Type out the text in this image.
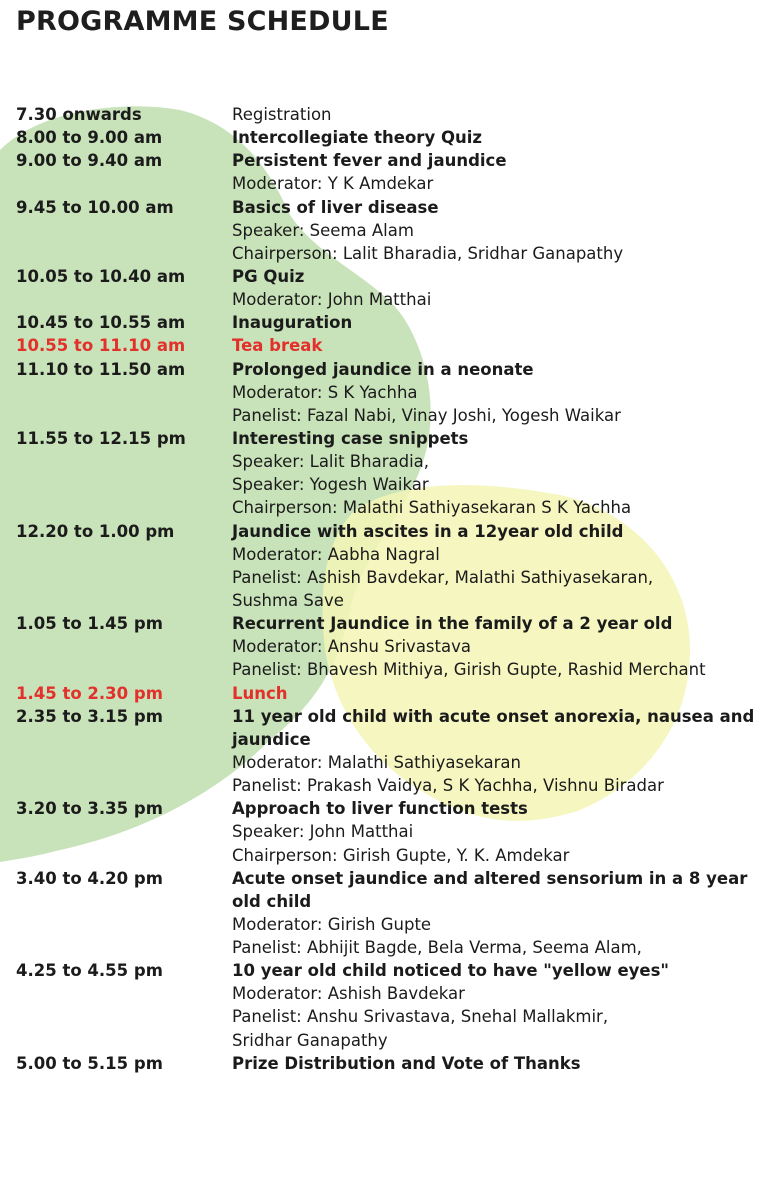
PROGRAMME SCHEDULE
7.30 onwards	Registration
8.00 to 9.00 am	Intercollegiate theory Quiz
9.00 to 9.40 am	Persistent fever and jaundice
Moderator: Y K Amdekar
9.45 to 10.00 am	Basics of liver disease
Speaker: Seema Alam
Chairperson: Lalit Bharadia, Sridhar Ganapathy
10.05 to 10.40 am	PG Quiz
Moderator: John Matthai
10.45 to 10.55 am	Inauguration
10.55 to 11.10 am	Tea break
11.10 to 11.50 am	Prolonged jaundice in a neonate
Moderator: S K Yachha
Panelist: Fazal Nabi, Vinay Joshi, Yogesh Waikar
11.55 to 12.15 pm	Interesting case snippets
Speaker: Lalit Bharadia,
Speaker: Yogesh Waikar
Chairperson: Malathi Sathiyasekaran S K Yachha
12.20 to 1.00 pm	Jaundice with ascites in a 12year old child
Moderator: Aabha Nagral
Panelist: Ashish Bavdekar, Malathi Sathiyasekaran,
Sushma Save
1.05 to 1.45 pm	Recurrent Jaundice in the family of a 2 year old
Moderator: Anshu Srivastava
Panelist: Bhavesh Mithiya, Girish Gupte, Rashid Merchant
1.45 to 2.30 pm	Lunch
2.35 to 3.15 pm	11 year old child with acute onset anorexia, nausea and
jaundice
Moderator: Malathi Sathiyasekaran
Panelist: Prakash Vaidya, S K Yachha, Vishnu Biradar
3.20 to 3.35 pm	Approach to liver function tests
Speaker: John Matthai
Chairperson: Girish Gupte, Y. K. Amdekar
3.40 to 4.20 pm	Acute onset jaundice and altered sensorium in a 8 year
old child
Moderator: Girish Gupte
Panelist: Abhijit Bagde, Bela Verma, Seema Alam,
4.25 to 4.55 pm	10 year old child noticed to have "yellow eyes"
Moderator: Ashish Bavdekar
Panelist: Anshu Srivastava, Snehal Mallakmir,
Sridhar Ganapathy
5.00 to 5.15 pm	Prize Distribution and Vote of Thanks
